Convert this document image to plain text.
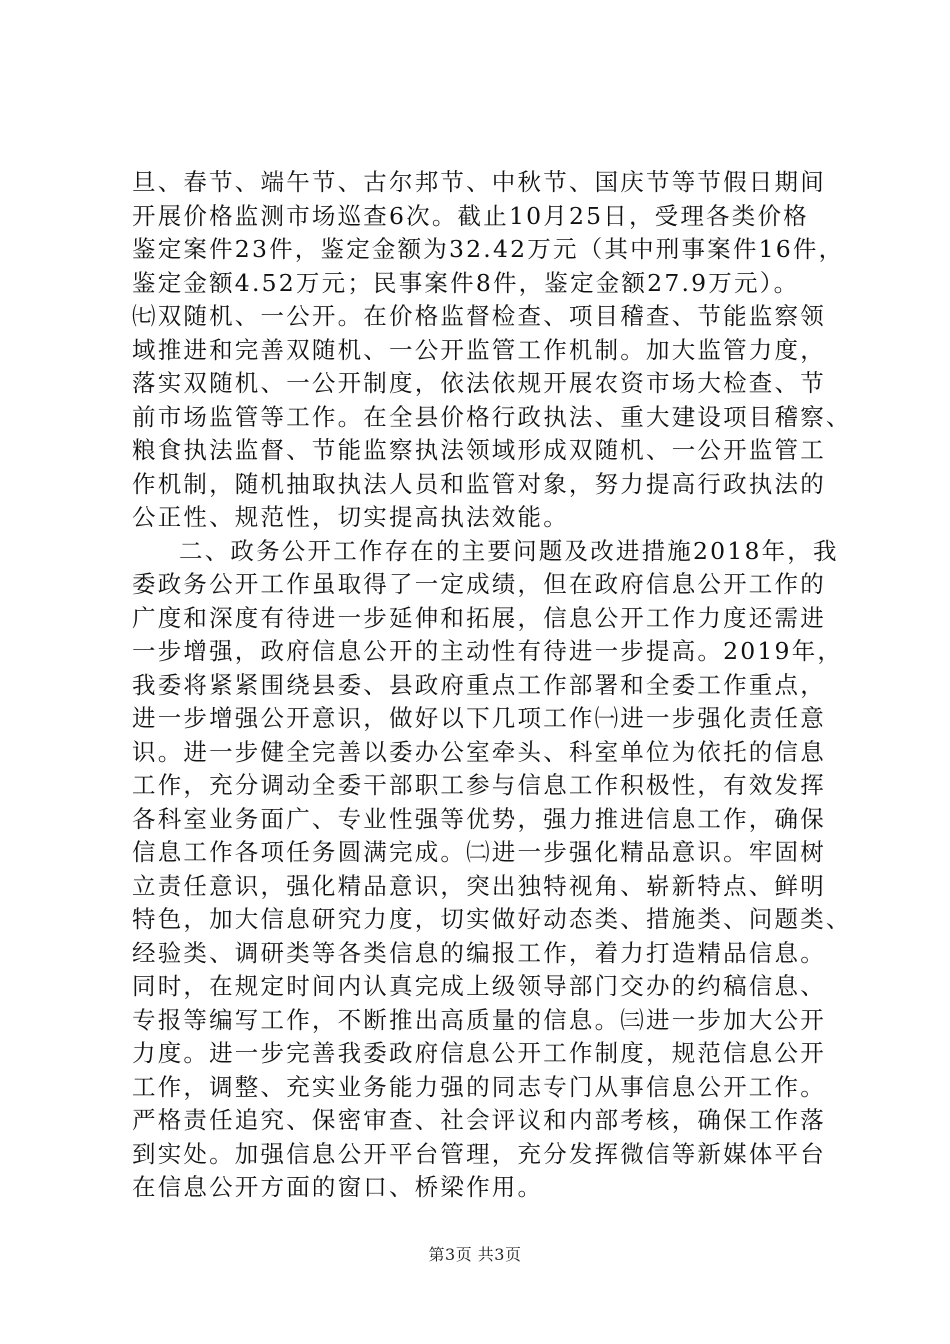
旦、春节、端午节、古尔邦节、中秋节、国庆节等节假日期间
开展价格监测市场巡查6次。截止10月25日，受理各类价格
鉴定案件23件，鉴定金额为32.42万元（其中刑事案件16件，
鉴定金额4.52万元；民事案件8件，鉴定金额27.9万元）。
㈦双随机、一公开。在价格监督检查、项目稽查、节能监察领
域推进和完善双随机、一公开监管工作机制。加大监管力度，
落实双随机、一公开制度，依法依规开展农资市场大检查、节
前市场监管等工作。在全县价格行政执法、重大建设项目稽察、
粮食执法监督、节能监察执法领域形成双随机、一公开监管工
作机制，随机抽取执法人员和监管对象，努力提高行政执法的
公正性、规范性，切实提高执法效能。
二、政务公开工作存在的主要问题及改进措施2018年，我
委政务公开工作虽取得了一定成绩，但在政府信息公开工作的
广度和深度有待进一步延伸和拓展，信息公开工作力度还需进
一步增强，政府信息公开的主动性有待进一步提高。2019年，
我委将紧紧围绕县委、县政府重点工作部署和全委工作重点，
进一步增强公开意识，做好以下几项工作㈠进一步强化责任意
识。进一步健全完善以委办公室牵头、科室单位为依托的信息
工作，充分调动全委干部职工参与信息工作积极性，有效发挥
各科室业务面广、专业性强等优势，强力推进信息工作，确保
信息工作各项任务圆满完成。㈡进一步强化精品意识。牢固树
立责任意识，强化精品意识，突出独特视角、崭新特点、鲜明
特色，加大信息研究力度，切实做好动态类、措施类、问题类、
经验类、调研类等各类信息的编报工作，着力打造精品信息。
同时，在规定时间内认真完成上级领导部门交办的约稿信息、
专报等编写工作，不断推出高质量的信息。㈢进一步加大公开
力度。进一步完善我委政府信息公开工作制度，规范信息公开
工作，调整、充实业务能力强的同志专门从事信息公开工作。
严格责任追究、保密审查、社会评议和内部考核，确保工作落
到实处。加强信息公开平台管理，充分发挥微信等新媒体平台
在信息公开方面的窗口、桥梁作用。
第3页 共3页
